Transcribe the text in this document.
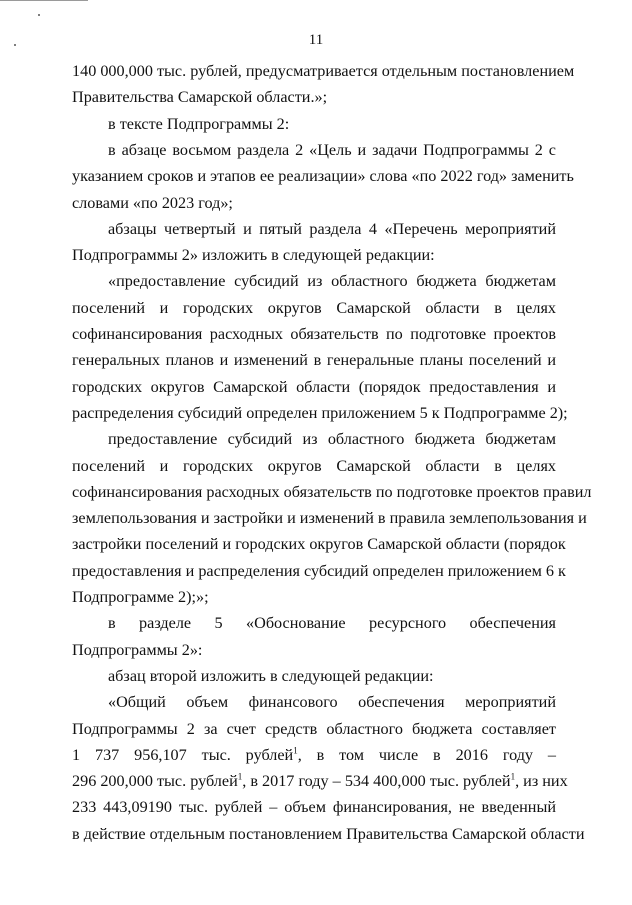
11
140 000,000 тыс. рублей, предусматривается отдельным постановлением
Правительства Самарской области.»;
в тексте Подпрограммы 2:
в абзаце восьмом раздела 2 «Цель и задачи Подпрограммы 2 с
указанием сроков и этапов ее реализации» слова «по 2022 год» заменить
словами «по 2023 год»;
абзацы четвертый и пятый раздела 4 «Перечень мероприятий
Подпрограммы 2» изложить в следующей редакции:
«предоставление субсидий из областного бюджета бюджетам
поселений и городских округов Самарской области в целях
софинансирования расходных обязательств по подготовке проектов
генеральных планов и изменений в генеральные планы поселений и
городских округов Самарской области (порядок предоставления и
распределения субсидий определен приложением 5 к Подпрограмме 2);
предоставление субсидий из областного бюджета бюджетам
поселений и городских округов Самарской области в целях
софинансирования расходных обязательств по подготовке проектов правил
землепользования и застройки и изменений в правила землепользования и
застройки поселений и городских округов Самарской области (порядок
предоставления и распределения субсидий определен приложением 6 к
Подпрограмме 2);»;
в разделе 5 «Обоснование ресурсного обеспечения
Подпрограммы 2»:
абзац второй изложить в следующей редакции:
«Общий объем финансового обеспечения мероприятий
Подпрограммы 2 за счет средств областного бюджета составляет
1 737 956,107 тыс. рублей$^1$, в том числе в 2016 году –
296 200,000 тыс. рублей$^1$, в 2017 году – 534 400,000 тыс. рублей$^1$, из них
233 443,09190 тыс. рублей – объем финансирования, не введенный
в действие отдельным постановлением Правительства Самарской области
